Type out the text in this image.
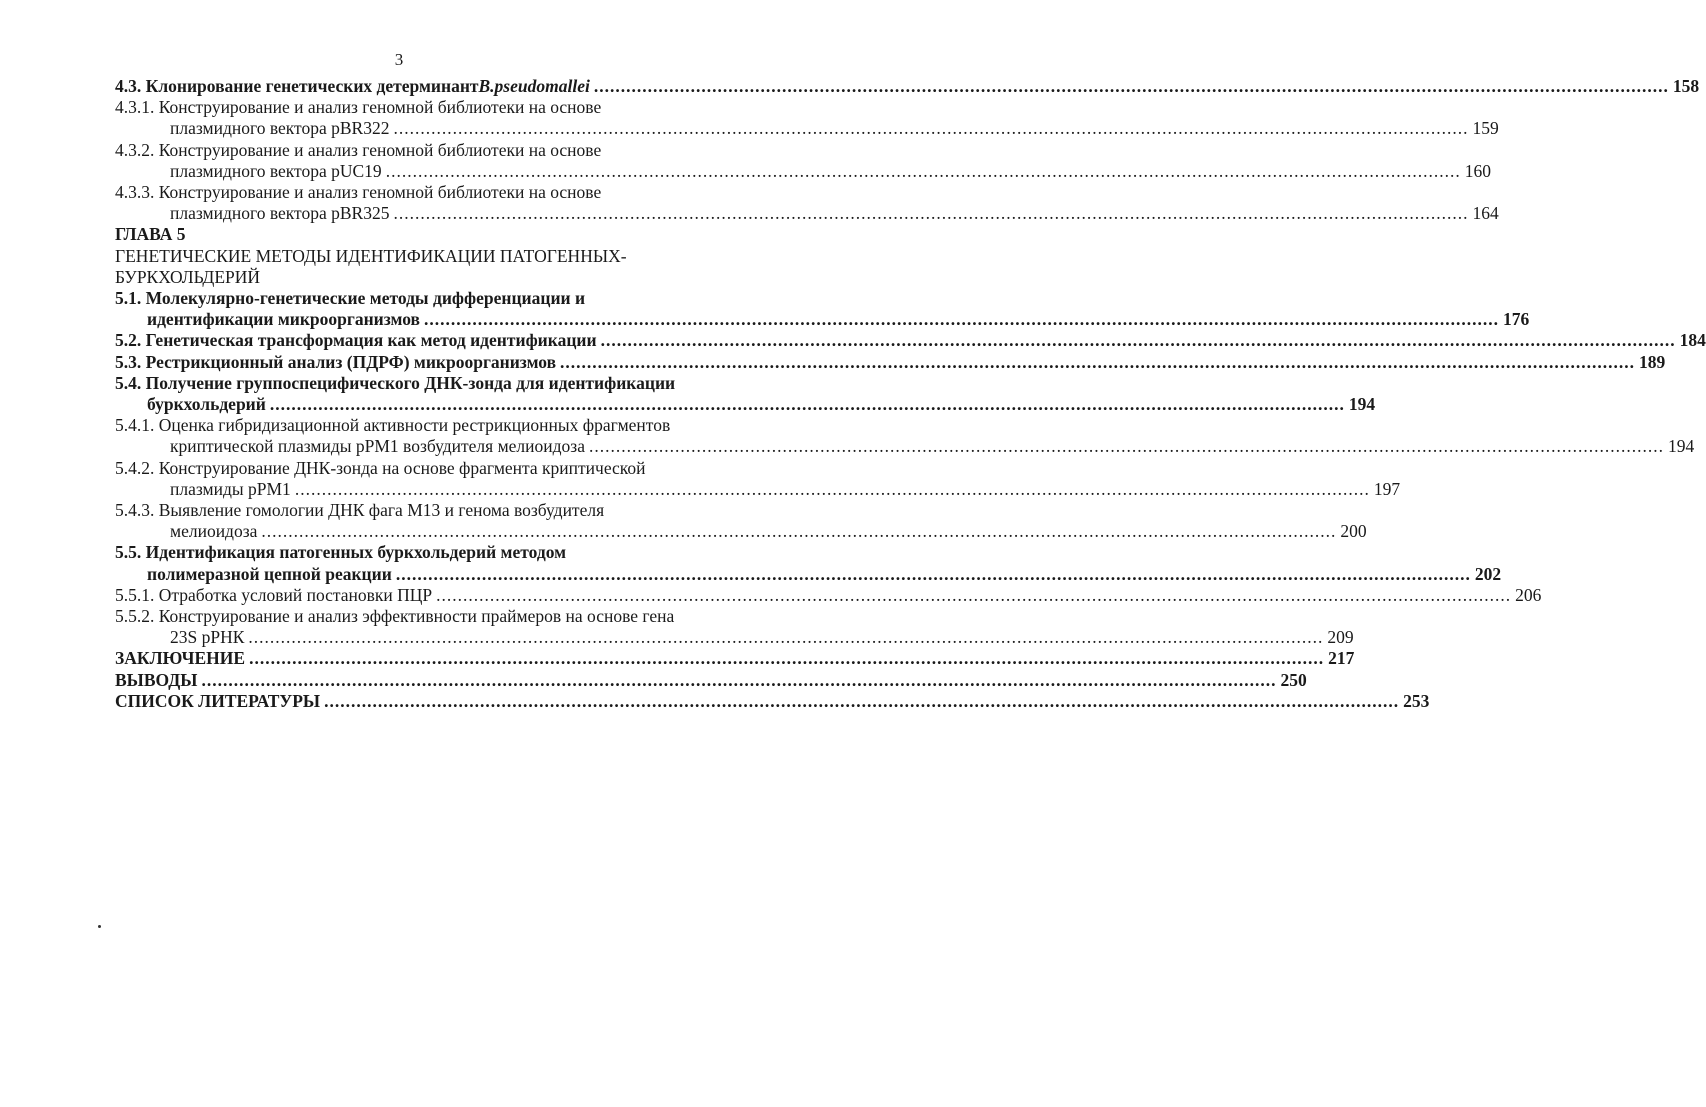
3
4.3. Клонирование генетических детерминант B.pseudomallei ........................................................................................................................................................................................................ 158
4.3.1. Конструирование и анализ геномной библиотеки на основе
плазмидного вектора pBR322 ........................................................................................................................................................................................................ 159
4.3.2. Конструирование и анализ геномной библиотеки на основе
плазмидного вектора pUC19 ........................................................................................................................................................................................................ 160
4.3.3. Конструирование и анализ геномной библиотеки на основе
плазмидного вектора pBR325 ........................................................................................................................................................................................................ 164
ГЛАВА 5
ГЕНЕТИЧЕСКИЕ МЕТОДЫ ИДЕНТИФИКАЦИИ ПАТОГЕННЫХ-
БУРКХОЛЬДЕРИЙ
5.1. Молекулярно-генетические методы дифференциации и
идентификации микроорганизмов ........................................................................................................................................................................................................ 176
5.2. Генетическая трансформация как метод идентификации ........................................................................................................................................................................................................ 184
5.3. Рестрикционный анализ (ПДРФ) микроорганизмов ........................................................................................................................................................................................................ 189
5.4. Получение группоспецифического ДНК-зонда для идентификации
буркхольдерий ........................................................................................................................................................................................................ 194
5.4.1. Оценка гибридизационной активности рестрикционных фрагментов
криптической плазмиды pPM1 возбудителя мелиоидоза ........................................................................................................................................................................................................ 194
5.4.2. Конструирование ДНК-зонда на основе фрагмента криптической
плазмиды pPM1 ........................................................................................................................................................................................................ 197
5.4.3. Выявление гомологии ДНК фага М13 и генома возбудителя
мелиоидоза ........................................................................................................................................................................................................ 200
5.5. Идентификация патогенных буркхольдерий методом
полимеразной цепной реакции ........................................................................................................................................................................................................ 202
5.5.1. Отработка условий постановки ПЦР ........................................................................................................................................................................................................ 206
5.5.2. Конструирование и анализ эффективности праймеров на основе гена
23S рРНК ........................................................................................................................................................................................................ 209
ЗАКЛЮЧЕНИЕ ........................................................................................................................................................................................................ 217
ВЫВОДЫ ........................................................................................................................................................................................................ 250
СПИСОК ЛИТЕРАТУРЫ ........................................................................................................................................................................................................ 253
